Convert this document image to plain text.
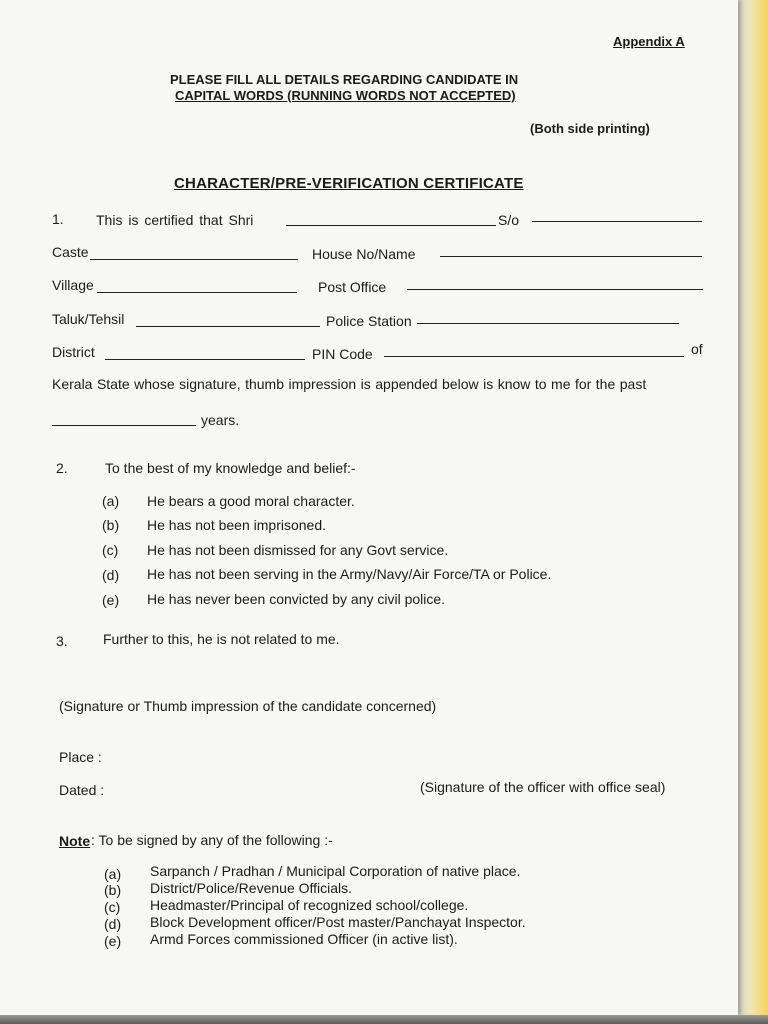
Appendix A
PLEASE FILL ALL DETAILS REGARDING CANDIDATE IN
CAPITAL WORDS (RUNNING WORDS NOT ACCEPTED)
(Both side printing)
CHARACTER/PRE-VERIFICATION CERTIFICATE
1. This is certified that Shri	S/o
Caste	House No/Name
Village	Post Office
Taluk/Tehsil	Police Station
District	PIN Code	of
Kerala State whose signature, thumb impression is appended below is know to me for the past
years.
2.	To the best of my knowledge and belief:-
(a) He bears a good moral character.
(b) He has not been imprisoned.
(c) He has not been dismissed for any Govt service.
(d) He has not been serving in the Army/Navy/Air Force/TA or Police.
(e) He has never been convicted by any civil police.
3.	Further to this, he is not related to me.
(Signature or Thumb impression of the candidate concerned)
Place :
Dated :	(Signature of the officer with office seal)
Note : To be signed by any of the following :-
(a) Sarpanch / Pradhan / Municipal Corporation of native place.
(b) District/Police/Revenue Officials.
(c) Headmaster/Principal of recognized school/college.
(d) Block Development officer/Post master/Panchayat Inspector.
(e) Armd Forces commissioned Officer (in active list).
